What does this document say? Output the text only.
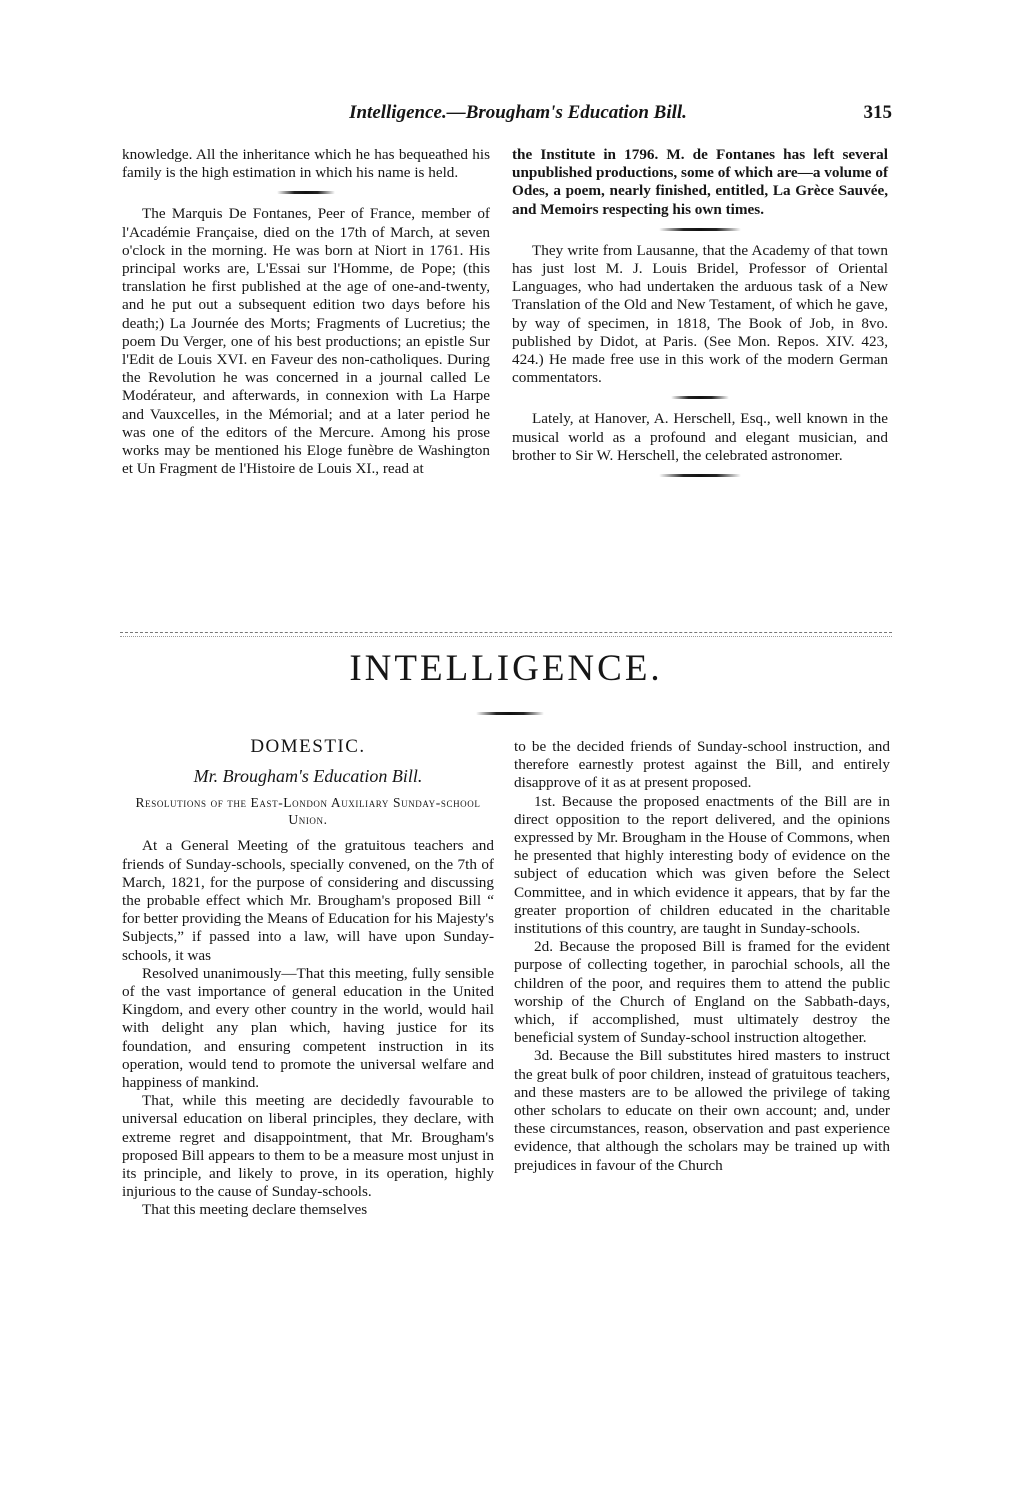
Intelligence.—Brougham's Education Bill.	315

knowledge. All the inheritance which he has bequeathed his family is the high estimation in which his name is held.

The Marquis De Fontanes, Peer of France, member of l'Académie Française, died on the 17th of March, at seven o'clock in the morning. He was born at Niort in 1761. His principal works are, L'Essai sur l'Homme, de Pope; (this translation he first published at the age of one-and-twenty, and he put out a subsequent edition two days before his death;) La Journée des Morts; Fragments of Lucretius; the poem Du Verger, one of his best productions; an epistle Sur l'Edit de Louis XVI. en Faveur des non-catholiques. During the Revolution he was concerned in a journal called Le Modérateur, and afterwards, in connexion with La Harpe and Vauxcelles, in the Mémorial; and at a later period he was one of the editors of the Mercure. Among his prose works may be mentioned his Eloge funèbre de Washington et Un Fragment de l'Histoire de Louis XI., read at

the Institute in 1796. M. de Fontanes has left several unpublished productions, some of which are—a volume of Odes, a poem, nearly finished, entitled, La Grèce Sauvée, and Memoirs respecting his own times.

They write from Lausanne, that the Academy of that town has just lost M. J. Louis Bridel, Professor of Oriental Languages, who had undertaken the arduous task of a New Translation of the Old and New Testament, of which he gave, by way of specimen, in 1818, The Book of Job, in 8vo. published by Didot, at Paris. (See Mon. Repos. XIV. 423, 424.) He made free use in this work of the modern German commentators.

Lately, at Hanover, A. Herschell, Esq., well known in the musical world as a profound and elegant musician, and brother to Sir W. Herschell, the celebrated astronomer.

INTELLIGENCE.

DOMESTIC.

Mr. Brougham's Education Bill.

Resolutions of the East-London Auxiliary Sunday-school Union.

At a General Meeting of the gratuitous teachers and friends of Sunday-schools, specially convened, on the 7th of March, 1821, for the purpose of considering and discussing the probable effect which Mr. Brougham's proposed Bill “ for better providing the Means of Education for his Majesty's Subjects,” if passed into a law, will have upon Sunday-schools, it was

Resolved unanimously—That this meeting, fully sensible of the vast importance of general education in the United Kingdom, and every other country in the world, would hail with delight any plan which, having justice for its foundation, and ensuring competent instruction in its operation, would tend to promote the universal welfare and happiness of mankind.

That, while this meeting are decidedly favourable to universal education on liberal principles, they declare, with extreme regret and disappointment, that Mr. Brougham's proposed Bill appears to them to be a measure most unjust in its principle, and likely to prove, in its operation, highly injurious to the cause of Sunday-schools.

That this meeting declare themselves

to be the decided friends of Sunday-school instruction, and therefore earnestly protest against the Bill, and entirely disapprove of it as at present proposed.

1st. Because the proposed enactments of the Bill are in direct opposition to the report delivered, and the opinions expressed by Mr. Brougham in the House of Commons, when he presented that highly interesting body of evidence on the subject of education which was given before the Select Committee, and in which evidence it appears, that by far the greater proportion of children educated in the charitable institutions of this country, are taught in Sunday-schools.

2d. Because the proposed Bill is framed for the evident purpose of collecting together, in parochial schools, all the children of the poor, and requires them to attend the public worship of the Church of England on the Sabbath-days, which, if accomplished, must ultimately destroy the beneficial system of Sunday-school instruction altogether.

3d. Because the Bill substitutes hired masters to instruct the great bulk of poor children, instead of gratuitous teachers, and these masters are to be allowed the privilege of taking other scholars to educate on their own account; and, under these circumstances, reason, observation and past experience evidence, that although the scholars may be trained up with prejudices in favour of the Church
